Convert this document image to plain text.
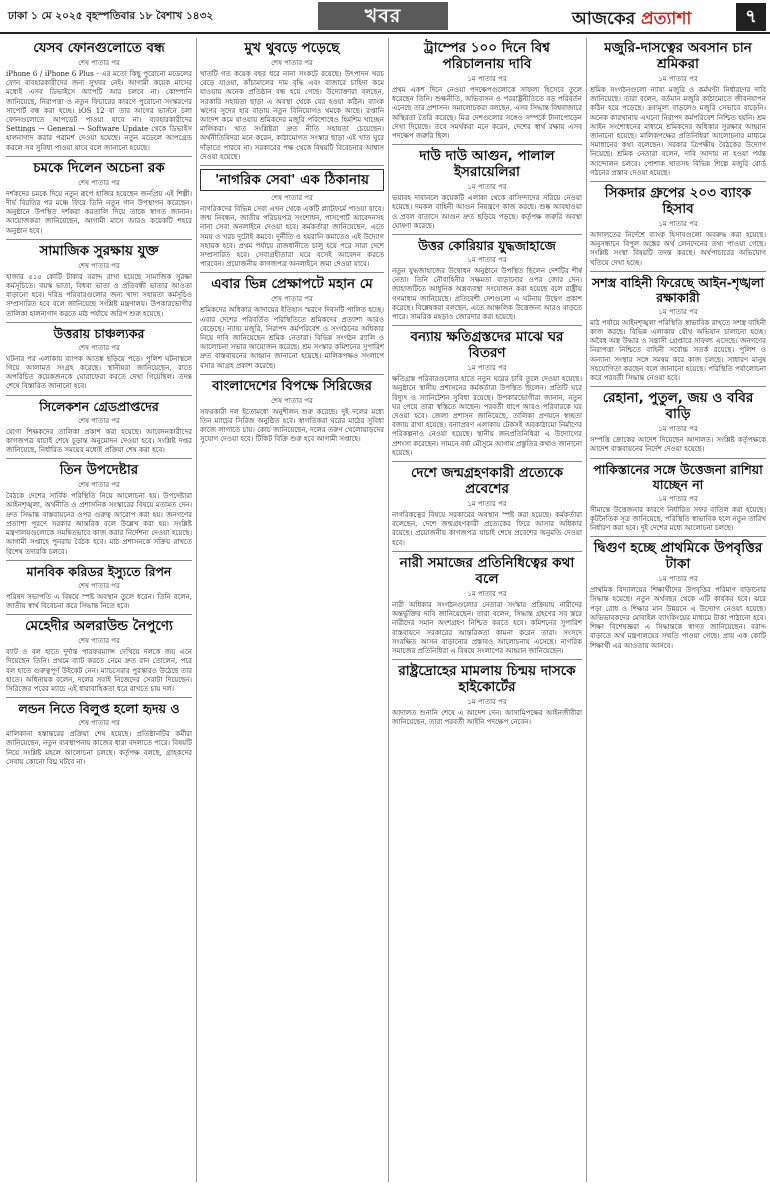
ঢাকা ১ মে ২০২৫ বৃহস্পতিবার ১৮ বৈশাখ ১৪৩২	খবর	আজকের প্রত্যাশা	৭
যেসব ফোনগুলোতে বন্ধ
শেষ পাতার পর
iPhone 6 / iPhone 6 Plus - এর মতো কিছু পুরোনো মডেলের ফোন ব্যবহারকারীদের জন্য সুখবর নেই। আগামী কয়েক মাসের মধ্যেই এসব ডিভাইসে অ্যাপটি আর চলবে না। কোম্পানি জানিয়েছে, নিরাপত্তা ও নতুন ফিচারের কারণে পুরোনো সংস্করণের সাপোর্ট বন্ধ করা হচ্ছে। iOS 12 বা তার আগের ভার্সনে চলা ফোনগুলোতে আপডেট পাওয়া যাবে না। ব্যবহারকারীদের Settings → General → Software Update থেকে ডিভাইস হালনাগাদ করার পরামর্শ দেওয়া হয়েছে। নতুন মডেলে আপগ্রেড করলে সব সুবিধা পাওয়া যাবে বলে জানানো হয়েছে।
চমকে দিলেন অচেনা রক
শেষ পাতার পর
দর্শকদের চমকে দিয়ে নতুন রূপে হাজির হয়েছেন জনপ্রিয় এই শিল্পী। দীর্ঘ বিরতির পর মঞ্চে ফিরে তিনি নতুন গান উপস্থাপন করেছেন। অনুষ্ঠানে উপস্থিত দর্শকরা করতালি দিয়ে তাকে স্বাগত জানান। আয়োজকরা জানিয়েছেন, আগামী মাসে আরও কয়েকটি শহরে অনুষ্ঠান হবে।
সামাজিক সুরক্ষায় যুক্ত
শেষ পাতার পর
হাজার ৫১৫ কোটি টাকার বরাদ্দ রাখা হয়েছে সামাজিক সুরক্ষা কর্মসূচিতে। বয়স্ক ভাতা, বিধবা ভাতা ও প্রতিবন্ধী ভাতার আওতা বাড়ানো হবে। দরিদ্র পরিবারগুলোর জন্য খাদ্য সহায়তা কর্মসূচিও সম্প্রসারিত হবে বলে জানিয়েছে সংশ্লিষ্ট মন্ত্রণালয়। উপকারভোগীর তালিকা হালনাগাদ করতে মাঠ পর্যায়ে জরিপ শুরু হয়েছে।
উত্তরায় চাঞ্চল্যকর
শেষ পাতার পর
ঘটনার পর এলাকায় ব্যাপক আতঙ্ক ছড়িয়ে পড়ে। পুলিশ ঘটনাস্থলে গিয়ে আলামত সংগ্রহ করেছে। স্থানীয়রা জানিয়েছেন, রাতে অপরিচিত কয়েকজনকে ঘোরাফেরা করতে দেখা গিয়েছিল। তদন্ত শেষে বিস্তারিত জানানো হবে।
সিলেকশন গ্রেডপ্রাপ্তদের
শেষ পাতার পর
যোগ্য শিক্ষকদের তালিকা প্রকাশ করা হয়েছে। আবেদনকারীদের কাগজপত্র যাচাই শেষে চূড়ান্ত অনুমোদন দেওয়া হবে। সংশ্লিষ্ট দপ্তর জানিয়েছে, নির্ধারিত সময়ের মধ্যেই প্রক্রিয়া শেষ করা হবে।
তিন উপদেষ্টার
শেষ পাতার পর
বৈঠকে দেশের সার্বিক পরিস্থিতি নিয়ে আলোচনা হয়। উপদেষ্টারা আইনশৃঙ্খলা, অর্থনীতি ও প্রশাসনিক সংস্কারের বিষয়ে মতামত দেন। দ্রুত সিদ্ধান্ত বাস্তবায়নের ওপর গুরুত্ব আরোপ করা হয়। জনগণের প্রত্যাশা পূরণে সরকার আন্তরিক বলে উল্লেখ করা হয়। সংশ্লিষ্ট মন্ত্রণালয়গুলোকে সমন্বিতভাবে কাজ করার নির্দেশনা দেওয়া হয়েছে। আগামী সপ্তাহে পুনরায় বৈঠক হবে। মাঠ প্রশাসনকে সক্রিয় রাখতে বিশেষ তদারকি চলবে।
মানবিক করিডর ইস্যুতে রিপন
শেষ পাতার পর
পরিষদ সভাপতি এ বিষয়ে স্পষ্ট অবস্থান তুলে ধরেন। তিনি বলেন, জাতীয় স্বার্থ বিবেচনা করে সিদ্ধান্ত নিতে হবে।
মেহেদীর অলরাউন্ড নৈপুণ্যে
শেষ পাতার পর
ব্যাট ও বল হাতে দুর্দান্ত পারফরম্যান্স দেখিয়ে দলকে জয় এনে দিয়েছেন তিনি। প্রথমে ব্যাট করতে নেমে দ্রুত রান তোলেন, পরে বল হাতে গুরুত্বপূর্ণ উইকেট নেন। ম্যাচসেরার পুরস্কারও উঠেছে তার হাতে। অধিনায়ক বলেন, দলের সবাই নিজেদের সেরাটা দিয়েছেন। সিরিজের পরের ম্যাচে এই ধারাবাহিকতা ধরে রাখতে চায় দল।
লন্ডন নিতে বিলুপ্ত হলো হৃদয় ও
শেষ পাতার পর
মালিকানা হস্তান্তরের প্রক্রিয়া শেষ হয়েছে। প্রতিষ্ঠানটির কর্মীরা জানিয়েছেন, নতুন ব্যবস্থাপনায় কাজের ধারা বদলাতে পারে। বিষয়টি নিয়ে সংশ্লিষ্ট মহলে আলোচনা চলছে। কর্তৃপক্ষ বলছে, গ্রাহকদের সেবায় কোনো বিঘ্ন ঘটবে না।
মুখ থুবড়ে পড়েছে
শেষ পাতার পর
খাতটি গত কয়েক বছর ধরে নানা সংকটে রয়েছে। উৎপাদন খরচ বেড়ে যাওয়া, কাঁচামালের দাম বৃদ্ধি এবং বাজারে চাহিদা কমে যাওয়ায় অনেক প্রতিষ্ঠান বন্ধ হয়ে গেছে। উদ্যোক্তারা বলছেন, সরকারি সহায়তা ছাড়া এ অবস্থা থেকে বের হওয়া কঠিন। ব্যাংক ঋণের সুদের হার বাড়ায় নতুন বিনিয়োগও থমকে আছে। রপ্তানি আদেশ কমে যাওয়ায় শ্রমিকদের মজুরি পরিশোধেও হিমশিম খাচ্ছেন মালিকরা। খাত সংশ্লিষ্টরা দ্রুত নীতি সহায়তা চেয়েছেন। অর্থনীতিবিদরা মনে করেন, কাঠামোগত সংস্কার ছাড়া এই খাত ঘুরে দাঁড়াতে পারবে না। সরকারের পক্ষ থেকে বিষয়টি বিবেচনার আশ্বাস দেওয়া হয়েছে।
'নাগরিক সেবা' এক ঠিকানায়
শেষ পাতার পর
নাগরিকদের বিভিন্ন সেবা এখন থেকে একটি প্ল্যাটফর্মে পাওয়া যাবে। জন্ম নিবন্ধন, জাতীয় পরিচয়পত্র সংশোধন, পাসপোর্ট আবেদনসহ নানা সেবা অনলাইনে দেওয়া হবে। কর্মকর্তারা জানিয়েছেন, এতে সময় ও খরচ দুটোই কমবে। দুর্নীতি ও হয়রানি কমাতেও এই উদ্যোগ সহায়ক হবে। প্রথম পর্যায়ে রাজধানীতে চালু হয়ে পরে সারা দেশে সম্প্রসারিত হবে। সেবাগ্রহীতারা ঘরে বসেই আবেদন করতে পারবেন। প্রয়োজনীয় কাগজপত্র অনলাইনে জমা দেওয়া যাবে।
এবার ভিন্ন প্রেক্ষাপটে মহান মে
শেষ পাতার পর
শ্রমিকদের অধিকার আদায়ের ইতিহাস স্মরণে দিবসটি পালিত হচ্ছে। এবার দেশের পরিবর্তিত পরিস্থিতিতে শ্রমিকদের প্রত্যাশা আরও বেড়েছে। ন্যায্য মজুরি, নিরাপদ কর্মপরিবেশ ও সংগঠনের অধিকার নিয়ে দাবি জানিয়েছেন শ্রমিক নেতারা। বিভিন্ন সংগঠন র‍্যালি ও আলোচনা সভার আয়োজন করেছে। শ্রম সংস্কার কমিশনের সুপারিশ দ্রুত বাস্তবায়নের আহ্বান জানানো হয়েছে। মালিকপক্ষও সংলাপে বসার আগ্রহ প্রকাশ করেছে।
বাংলাদেশের বিপক্ষে সিরিজের
শেষ পাতার পর
সফরকারী দল ইতোমধ্যে অনুশীলন শুরু করেছে। দুই দলের মধ্যে তিন ম্যাচের সিরিজ অনুষ্ঠিত হবে। স্বাগতিকরা ঘরের মাঠের সুবিধা কাজে লাগাতে চায়। কোচ জানিয়েছেন, দলের তরুণ খেলোয়াড়দের সুযোগ দেওয়া হবে। টিকিট বিক্রি শুরু হবে আগামী সপ্তাহে।
ট্রাম্পের ১০০ দিনে বিশ্ব পরিচালনায় দাবি
১ম পাতার পর
প্রথম একশ দিনে নেওয়া পদক্ষেপগুলোকে সাফল্য হিসেবে তুলে ধরেছেন তিনি। শুল্কনীতি, অভিবাসন ও পররাষ্ট্রনীতিতে বড় পরিবর্তন এনেছে তার প্রশাসন। সমালোচকরা বলছেন, এসব সিদ্ধান্ত বিশ্ববাজারে অস্থিরতা তৈরি করেছে। মিত্র দেশগুলোর সঙ্গেও সম্পর্কে টানাপোড়েন দেখা দিয়েছে। তবে সমর্থকরা মনে করেন, দেশের স্বার্থ রক্ষায় এসব পদক্ষেপ জরুরি ছিল।
দাউ দাউ আগুন, পালাল ইসরায়েলিরা
১ম পাতার পর
ভয়াবহ দাবানলে কয়েকটি এলাকা থেকে বাসিন্দাদের সরিয়ে নেওয়া হয়েছে। দমকল বাহিনী আগুন নিয়ন্ত্রণে কাজ করছে। শুষ্ক আবহাওয়া ও প্রবল বাতাসে আগুন দ্রুত ছড়িয়ে পড়ছে। কর্তৃপক্ষ জরুরি অবস্থা ঘোষণা করেছে।
উত্তর কোরিয়ার যুদ্ধজাহাজে
১ম পাতার পর
নতুন যুদ্ধজাহাজের উদ্বোধন অনুষ্ঠানে উপস্থিত ছিলেন দেশটির শীর্ষ নেতা। তিনি নৌবাহিনীর সক্ষমতা বাড়ানোর ওপর জোর দেন। জাহাজটিতে আধুনিক অস্ত্রব্যবস্থা সংযোজন করা হয়েছে বলে রাষ্ট্রীয় গণমাধ্যম জানিয়েছে। প্রতিবেশী দেশগুলো এ ঘটনায় উদ্বেগ প্রকাশ করেছে। বিশ্লেষকরা বলছেন, এতে আঞ্চলিক উত্তেজনা আরও বাড়তে পারে। সামরিক মহড়াও জোরদার করা হয়েছে।
বন্যায় ক্ষতিগ্রস্তদের মাঝে ঘর বিতরণ
১ম পাতার পর
ক্ষতিগ্রস্ত পরিবারগুলোর হাতে নতুন ঘরের চাবি তুলে দেওয়া হয়েছে। অনুষ্ঠানে স্থানীয় প্রশাসনের কর্মকর্তারা উপস্থিত ছিলেন। প্রতিটি ঘরে বিদ্যুৎ ও স্যানিটেশন সুবিধা রয়েছে। উপকারভোগীরা জানান, নতুন ঘর পেয়ে তারা স্বস্তিতে আছেন। পরবর্তী ধাপে আরও পরিবারকে ঘর দেওয়া হবে। জেলা প্রশাসন জানিয়েছে, তালিকা প্রণয়নে স্বচ্ছতা বজায় রাখা হয়েছে। বন্যাপ্রবণ এলাকায় টেকসই অবকাঠামো নির্মাণের পরিকল্পনাও নেওয়া হয়েছে। স্থানীয় জনপ্রতিনিধিরা এ উদ্যোগের প্রশংসা করেছেন। সামনে বর্ষা মৌসুমে আগাম প্রস্তুতির কথাও জানানো হয়েছে।
দেশে জন্মগ্রহণকারী প্রত্যেকে প্রবেশের
১ম পাতার পর
নাগরিকত্বের বিষয়ে সরকারের অবস্থান স্পষ্ট করা হয়েছে। কর্মকর্তারা বলেছেন, দেশে জন্মগ্রহণকারী প্রত্যেকের ফিরে আসার অধিকার রয়েছে। প্রয়োজনীয় কাগজপত্র যাচাই শেষে প্রবেশের অনুমতি দেওয়া হবে।
নারী সমাজের প্রতিনিধিত্বের কথা বলে
১ম পাতার পর
নারী অধিকার সংগঠনগুলোর নেতারা সংস্কার প্রক্রিয়ায় নারীদের অন্তর্ভুক্তির দাবি জানিয়েছেন। তারা বলেন, সিদ্ধান্ত গ্রহণের সব স্তরে নারীদের সমান অংশগ্রহণ নিশ্চিত করতে হবে। কমিশনের সুপারিশ বাস্তবায়নে সরকারের আন্তরিকতা কামনা করেন তারা। সংসদে সংরক্ষিত আসন বাড়ানোর প্রস্তাবও আলোচনায় এসেছে। নাগরিক সমাজের প্রতিনিধিরা এ বিষয়ে সংলাপের আহ্বান জানিয়েছেন।
রাষ্ট্রদ্রোহের মামলায় চিন্ময় দাসকে হাইকোর্টের
১ম পাতার পর
আদালত শুনানি শেষে এ আদেশ দেন। আসামিপক্ষের আইনজীবীরা জানিয়েছেন, তারা পরবর্তী আইনি পদক্ষেপ নেবেন।
মজুরি-দাসত্বের অবসান চান শ্রমিকরা
১ম পাতার পর
শ্রমিক সংগঠনগুলো ন্যায্য মজুরি ও কর্মঘণ্টা নির্ধারণের দাবি জানিয়েছে। তারা বলেন, বর্তমান মজুরি কাঠামোতে জীবনযাপন কঠিন হয়ে পড়েছে। দ্রব্যমূল্য বাড়লেও মজুরি সেভাবে বাড়েনি। অনেক কারখানায় এখনো নিরাপদ কর্মপরিবেশ নিশ্চিত হয়নি। শ্রম আইন সংশোধনের মাধ্যমে শ্রমিকদের অধিকার সুরক্ষার আহ্বান জানানো হয়েছে। মালিকপক্ষের প্রতিনিধিরা আলোচনার মাধ্যমে সমাধানের কথা বলেছেন। সরকার ত্রিপক্ষীয় বৈঠকের উদ্যোগ নিয়েছে। শ্রমিক নেতারা বলেন, দাবি আদায় না হওয়া পর্যন্ত আন্দোলন চলবে। পোশাক খাতসহ বিভিন্ন শিল্পে মজুরি বোর্ড গঠনের প্রস্তাব দেওয়া হয়েছে।
সিকদার গ্রুপের ২০৩ ব্যাংক হিসাব
১ম পাতার পর
আদালতের নির্দেশে ব্যাংক হিসাবগুলো অবরুদ্ধ করা হয়েছে। অনুসন্ধানে বিপুল অঙ্কের অর্থ লেনদেনের তথ্য পাওয়া গেছে। সংশ্লিষ্ট সংস্থা বিষয়টি তদন্ত করছে। অর্থপাচারের অভিযোগ খতিয়ে দেখা হচ্ছে।
সশস্ত্র বাহিনী ফিরেছে আইন-শৃঙ্খলা রক্ষাকারী
১ম পাতার পর
মাঠ পর্যায়ে আইনশৃঙ্খলা পরিস্থিতি স্বাভাবিক রাখতে সশস্ত্র বাহিনী কাজ করছে। বিভিন্ন এলাকায় যৌথ অভিযান চালানো হচ্ছে। অবৈধ অস্ত্র উদ্ধার ও সন্ত্রাসী গ্রেপ্তারে সাফল্য এসেছে। জনগণের নিরাপত্তা নিশ্চিতে বাহিনী সর্বোচ্চ সতর্ক রয়েছে। পুলিশ ও অন্যান্য সংস্থার সঙ্গে সমন্বয় করে কাজ চলছে। সাধারণ মানুষ সহযোগিতা করছেন বলে জানানো হয়েছে। পরিস্থিতি পর্যালোচনা করে পরবর্তী সিদ্ধান্ত নেওয়া হবে।
রেহানা, পুতুল, জয় ও ববির বাড়ি
১ম পাতার পর
সম্পত্তি ক্রোকের আদেশ দিয়েছেন আদালত। সংশ্লিষ্ট কর্তৃপক্ষকে আদেশ বাস্তবায়নের নির্দেশ দেওয়া হয়েছে।
পাকিস্তানের সঙ্গে উত্তেজনা রাশিয়া যাচ্ছেন না
১ম পাতার পর
সীমান্তে উত্তেজনার কারণে নির্ধারিত সফর বাতিল করা হয়েছে। কূটনৈতিক সূত্র জানিয়েছে, পরিস্থিতি স্বাভাবিক হলে নতুন তারিখ নির্ধারণ করা হবে। দুই দেশের মধ্যে আলোচনা চলছে।
দ্বিগুণ হচ্ছে প্রাথমিকে উপবৃত্তির টাকা
১ম পাতার পর
প্রাথমিক বিদ্যালয়ের শিক্ষার্থীদের উপবৃত্তির পরিমাণ বাড়ানোর সিদ্ধান্ত হয়েছে। নতুন অর্থবছর থেকে এটি কার্যকর হবে। ঝরে পড়া রোধ ও শিক্ষার মান উন্নয়নে এ উদ্যোগ নেওয়া হয়েছে। অভিভাবকদের মোবাইল ব্যাংকিংয়ের মাধ্যমে টাকা পাঠানো হবে। শিক্ষা বিশেষজ্ঞরা এ সিদ্ধান্তকে স্বাগত জানিয়েছেন। বরাদ্দ বাড়াতে অর্থ মন্ত্রণালয়ের সম্মতি পাওয়া গেছে। প্রায় এক কোটি শিক্ষার্থী এর আওতায় আসবে।
